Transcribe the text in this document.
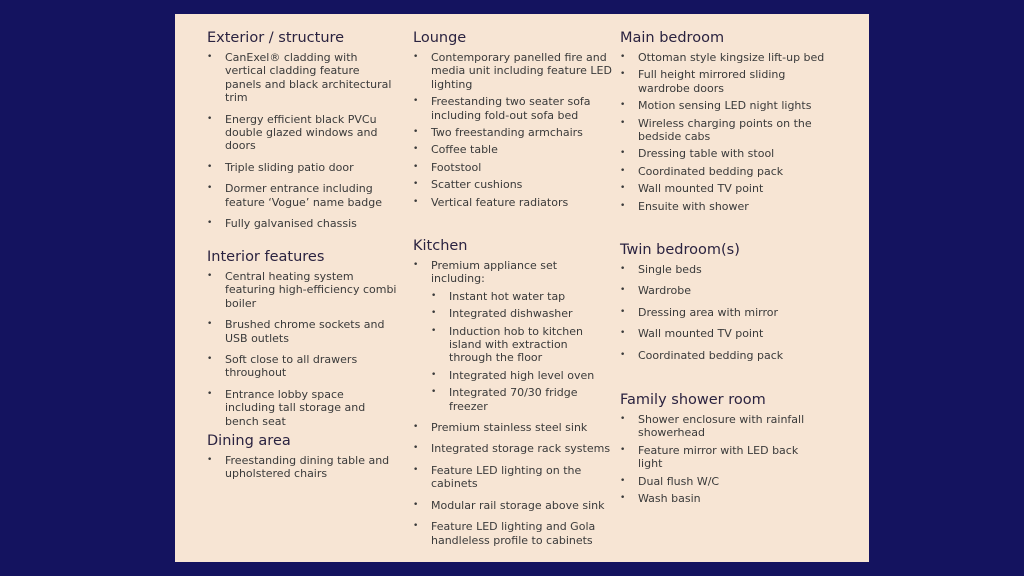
Exterior / structure
• CanExel® cladding with vertical cladding feature panels and black architectural trim
• Energy efficient black PVCu double glazed windows and doors
• Triple sliding patio door
• Dormer entrance including feature ‘Vogue’ name badge
• Fully galvanised chassis
Interior features
• Central heating system featuring high-efficiency combi boiler
• Brushed chrome sockets and USB outlets
• Soft close to all drawers throughout
• Entrance lobby space including tall storage and bench seat
Dining area
• Freestanding dining table and upholstered chairs
Lounge
• Contemporary panelled fire and media unit including feature LED lighting
• Freestanding two seater sofa including fold-out sofa bed
• Two freestanding armchairs
• Coffee table
• Footstool
• Scatter cushions
• Vertical feature radiators
Kitchen
• Premium appliance set including:
• Instant hot water tap
• Integrated dishwasher
• Induction hob to kitchen island with extraction through the floor
• Integrated high level oven
• Integrated 70/30 fridge freezer
• Premium stainless steel sink
• Integrated storage rack systems
• Feature LED lighting on the cabinets
• Modular rail storage above sink
• Feature LED lighting and Gola handleless profile to cabinets
Main bedroom
• Ottoman style kingsize lift-up bed
• Full height mirrored sliding wardrobe doors
• Motion sensing LED night lights
• Wireless charging points on the bedside cabs
• Dressing table with stool
• Coordinated bedding pack
• Wall mounted TV point
• Ensuite with shower
Twin bedroom(s)
• Single beds
• Wardrobe
• Dressing area with mirror
• Wall mounted TV point
• Coordinated bedding pack
Family shower room
• Shower enclosure with rainfall showerhead
• Feature mirror with LED back light
• Dual flush W/C
• Wash basin
